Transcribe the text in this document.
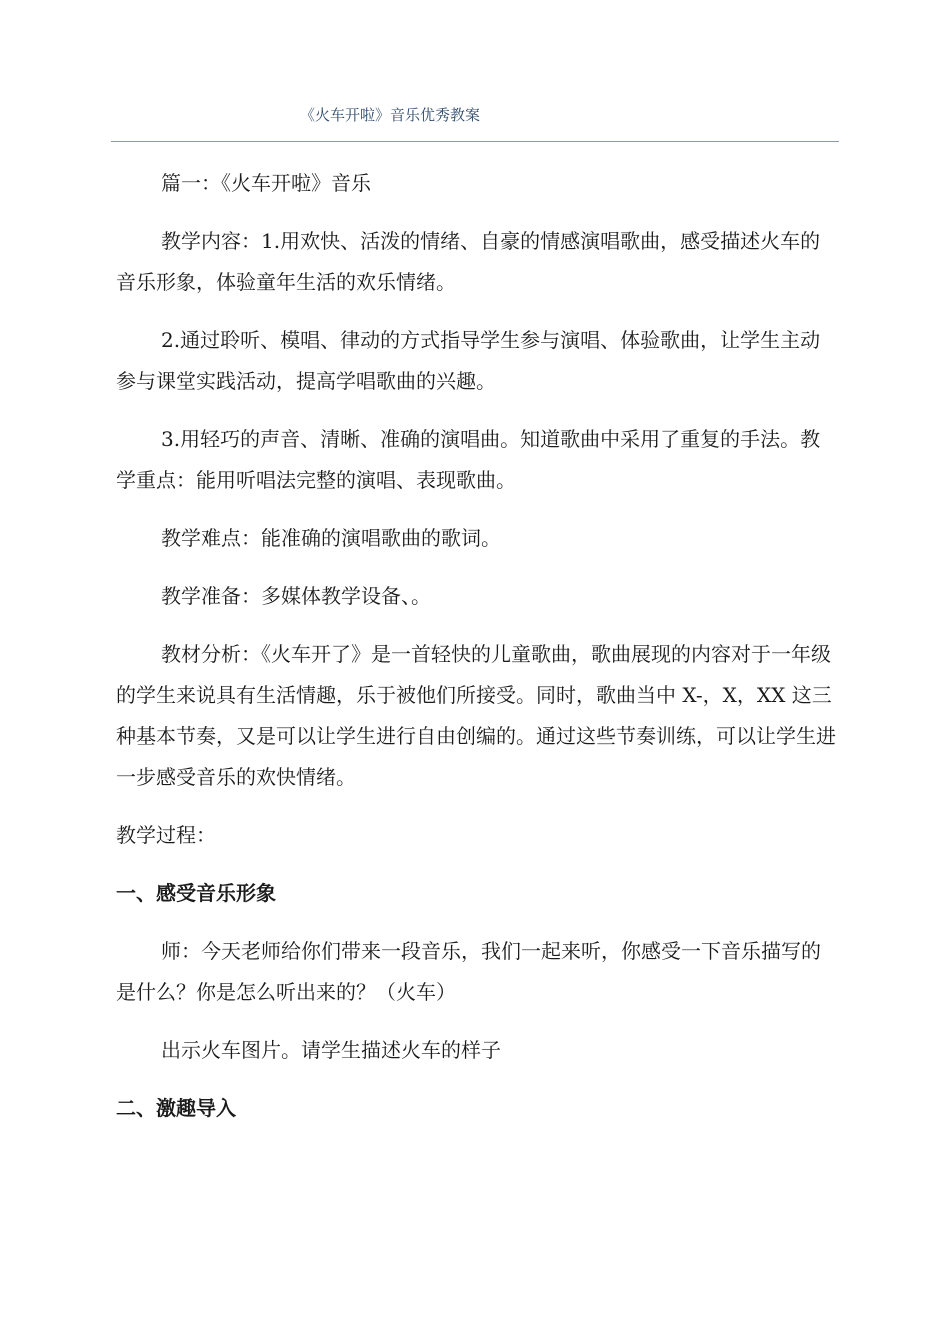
《火车开啦》音乐优秀教案

篇一：《火车开啦》音乐

教学内容：1.用欢快、活泼的情绪、自豪的情感演唱歌曲，感受描述火车的音乐形象，体验童年生活的欢乐情绪。

2.通过聆听、模唱、律动的方式指导学生参与演唱、体验歌曲，让学生主动参与课堂实践活动，提高学唱歌曲的兴趣。

3.用轻巧的声音、清晰、准确的演唱曲。知道歌曲中采用了重复的手法。教学重点：能用听唱法完整的演唱、表现歌曲。

教学难点：能准确的演唱歌曲的歌词。

教学准备：多媒体教学设备、。

教材分析：《火车开了》是一首轻快的儿童歌曲，歌曲展现的内容对于一年级的学生来说具有生活情趣，乐于被他们所接受。同时，歌曲当中 X-，X，XX 这三种基本节奏，又是可以让学生进行自由创编的。通过这些节奏训练，可以让学生进一步感受音乐的欢快情绪。

教学过程：

一、感受音乐形象

师：今天老师给你们带来一段音乐，我们一起来听，你感受一下音乐描写的是什么？你是怎么听出来的？（火车）

出示火车图片。请学生描述火车的样子

二、激趣导入
